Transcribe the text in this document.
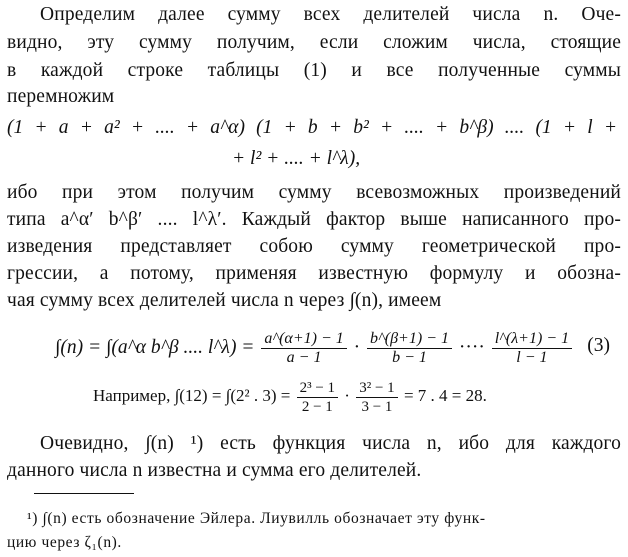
Определим далее сумму всех делителей числа n. Оче-
видно, эту сумму получим, если сложим числа, стоящие
в каждой строке таблицы (1) и все полученные суммы
перемножим
(1 + a + a² + .... + a^α) (1 + b + b² + .... + b^β) .... (1 + l +
+ l² + .... + l^λ),
ибо при этом получим сумму всевозможных произведений
типа a^α′ b^β′ .... l^λ′. Каждый фактор выше написанного про-
изведения представляет собою сумму геометрической про-
грессии, а потому, применяя известную формулу и обозна-
чая сумму всех делителей числа n через ∫(n), имеем
∫(n) = ∫(a^α b^β .... l^λ) = $\frac{a\^{}(\alpha+1) - 1}{a - 1} \cdot \frac{b\^{}(\beta+1) - 1}{b - 1}$ ···· $\frac{l\^{}(\lambda+1) - 1}{l - 1} (3)$
Например, ∫(12) = ∫(2² . $3) = \frac{\text{2³ − 1}}{2 - 1} \cdot \frac{\text{3² − 1}}{3 - 1} = 7$ . 4 = 28.
Очевидно, ∫(n) ¹) есть функция числа n, ибо для каждого
данного числа n известна и сумма его делителей.
¹) ∫(n) есть обозначение Эйлера. Лиувилль обозначает эту функ-
цию через ζ₁(n).
